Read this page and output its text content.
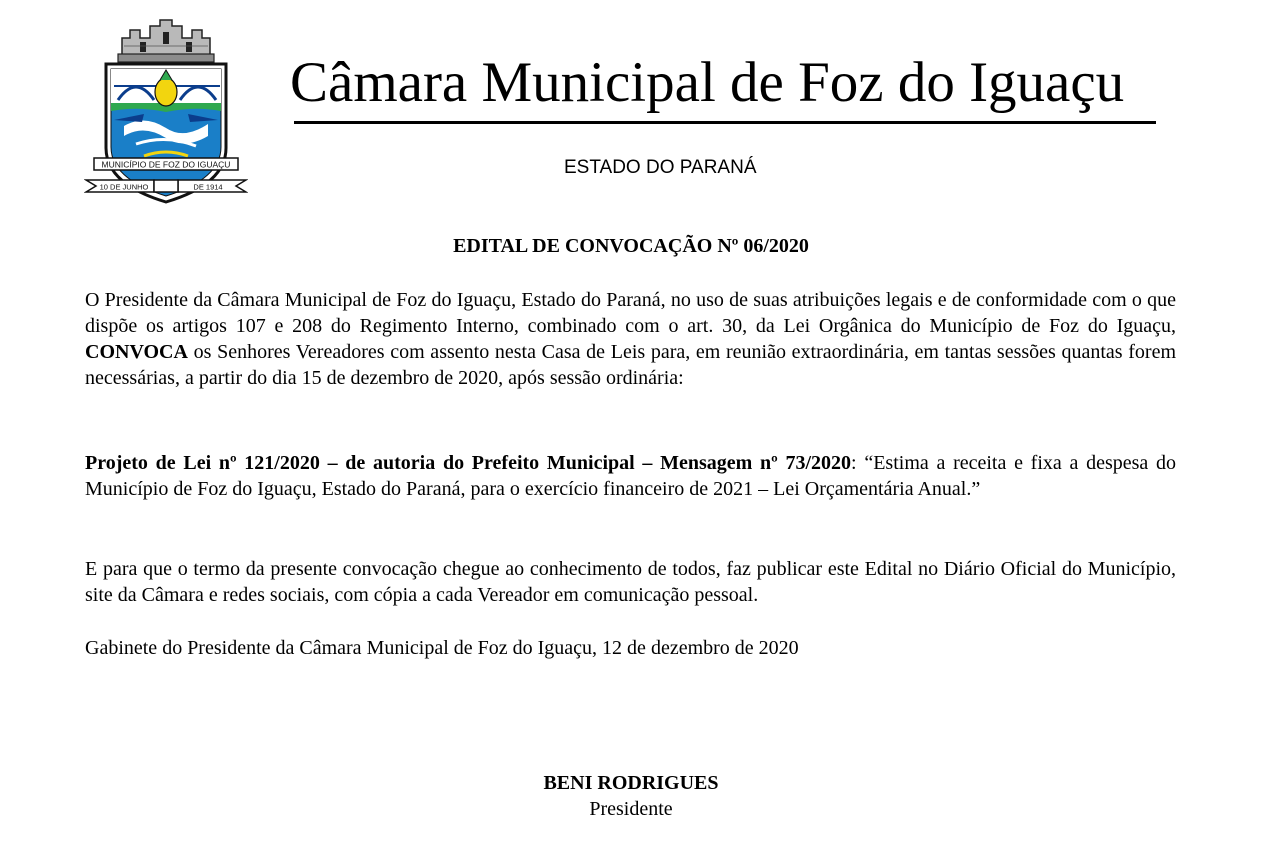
MUNICÍPIO DE FOZ DO IGUAÇU
10 DE JUNHO	DE 1914
Câmara Municipal de Foz do Iguaçu
ESTADO DO PARANÁ
EDITAL DE CONVOCAÇÃO Nº 06/2020

O Presidente da Câmara Municipal de Foz do Iguaçu, Estado do Paraná, no uso de suas atribuições legais e de conformidade com o que dispõe os artigos 107 e 208 do Regimento Interno, combinado com o art. 30, da Lei Orgânica do Município de Foz do Iguaçu, CONVOCA os Senhores Vereadores com assento nesta Casa de Leis para, em reunião extraordinária, em tantas sessões quantas forem necessárias, a partir do dia 15 de dezembro de 2020, após sessão ordinária:

Projeto de Lei nº 121/2020 – de autoria do Prefeito Municipal – Mensagem nº 73/2020: “Estima a receita e fixa a despesa do Município de Foz do Iguaçu, Estado do Paraná, para o exercício financeiro de 2021 – Lei Orçamentária Anual.”

E para que o termo da presente convocação chegue ao conhecimento de todos, faz publicar este Edital no Diário Oficial do Município, site da Câmara e redes sociais, com cópia a cada Vereador em comunicação pessoal.

Gabinete do Presidente da Câmara Municipal de Foz do Iguaçu, 12 de dezembro de 2020

BENI RODRIGUES
Presidente
